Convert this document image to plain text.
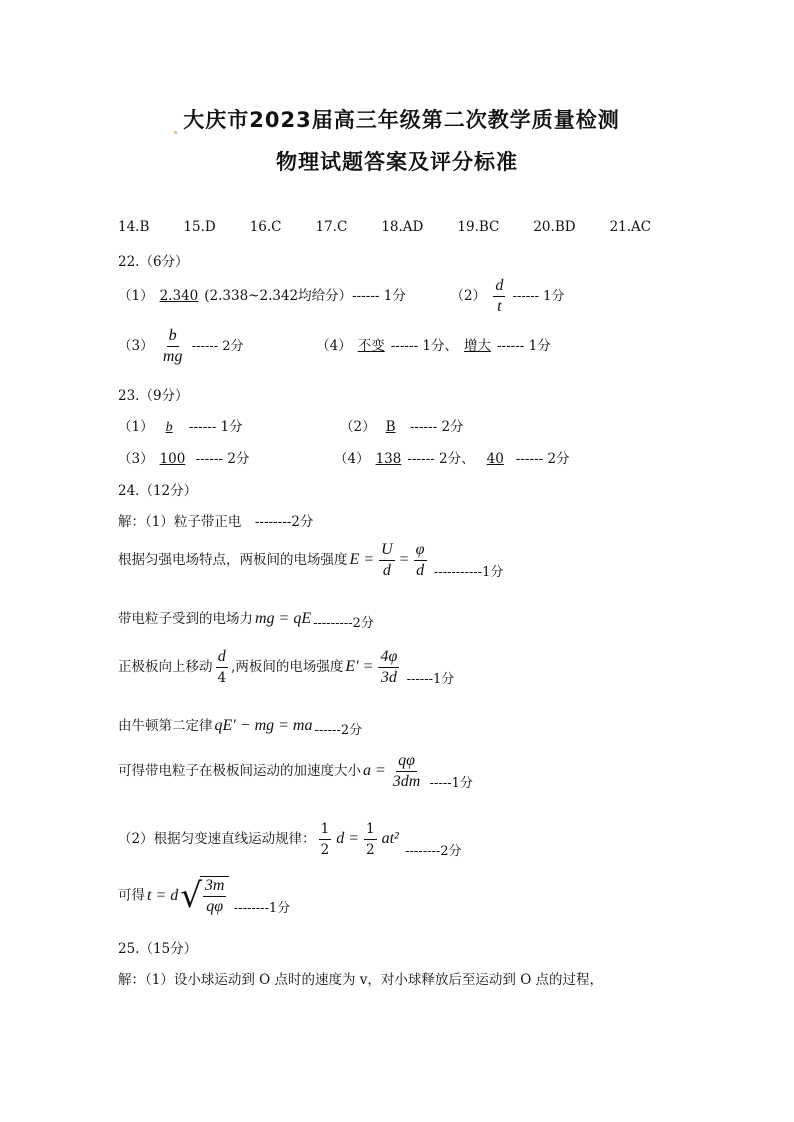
大庆市2023届高三年级第二次教学质量检测
物理试题答案及评分标准
14.B	15.D	16.C	17.C	18.AD	19.BC	20.BD	21.AC
22.（6分）
（1） 2.340 (2.338~2.342均给分）------ 1分	$(2) \frac{d}{t}$ ------ 1分
$(3) \frac{b}{mg}$ ------ 2分	（4） 不变 ------ 1分、 增大 ------ 1分
23.（9分）
（1） b ------ 1分	（2） B ------ 2分
（3） 100 ------ 2分	（4） 138 ------ 2分、 40 ------ 2分
24.（12分）
解：（1）粒子带正电　--------2分
根据匀强电场特点，两板间的电场强度 $E = \frac{U}{d} = \frac{\varphi}{d} -----------1$分
带电粒子受到的电场力 mg = qE ---------2分
正极板向上移动 $\frac{d}{4}$ ,两板间的电场强度 $E' = \frac{4\varphi}{3d} ------1$分
由牛顿第二定律 qE′ − mg = ma ------2分
可得带电粒子在极板间运动的加速度大小 $a = \frac{q\varphi}{3dm} -----1$分
（2）根据匀变速直线运动规律： $\frac{1}{2}$ $d = \frac{1}{2} at^2$ --------2分
可得 t = d √ $\frac{3m}{q\varphi} --------1$分
25.（15分）
解：（1）设小球运动到 O 点时的速度为 v，对小球释放后至运动到 O 点的过程，
